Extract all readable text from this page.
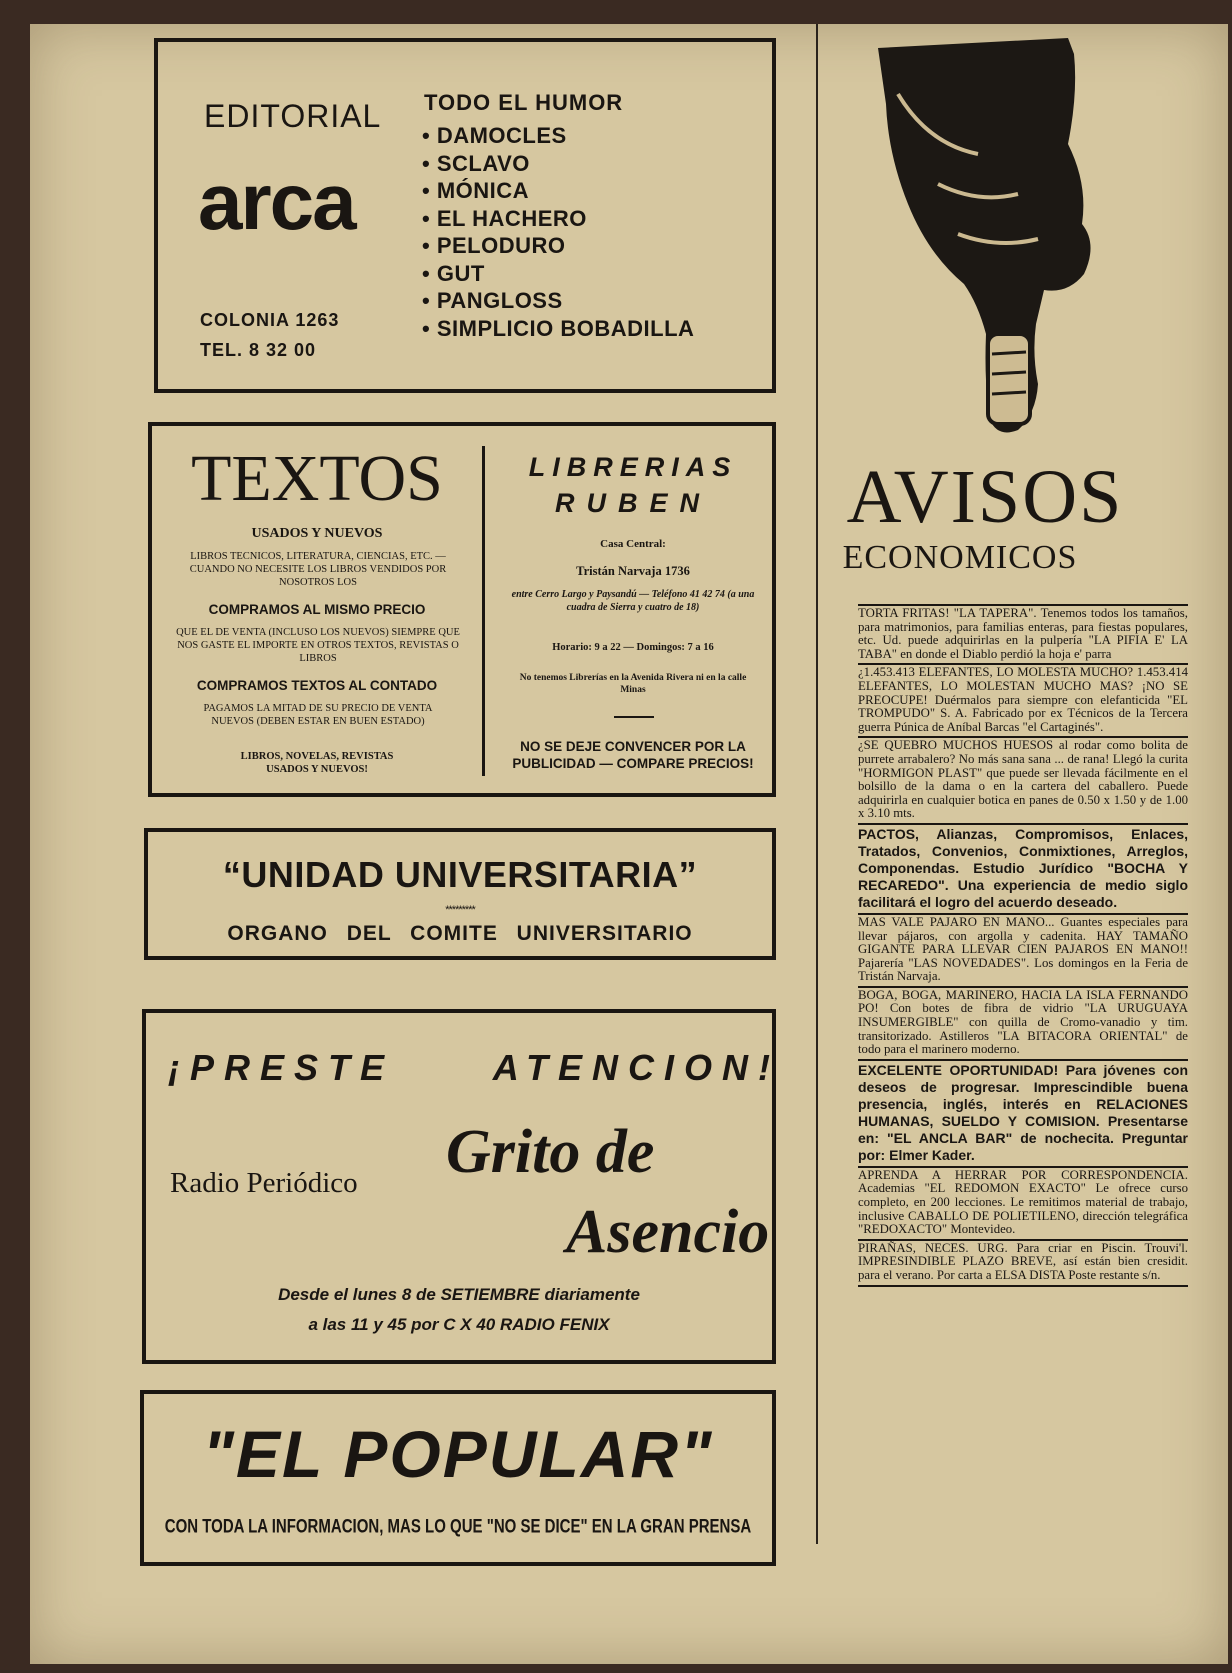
EDITORIAL
arca
COLONIA 1263
TEL. 8 32 00
TODO EL HUMOR
• DAMOCLES
• SCLAVO
• MÓNICA
• EL HACHERO
• PELODURO
• GUT
• PANGLOSS
• SIMPLICIO BOBADILLA
TEXTOS
USADOS Y NUEVOS
LIBROS TECNICOS, LITERATURA, CIENCIAS, ETC. — CUANDO NO NECESITE LOS LIBROS VENDIDOS POR NOSOTROS LOS
COMPRAMOS AL MISMO PRECIO
QUE EL DE VENTA (INCLUSO LOS NUEVOS) SIEMPRE QUE NOS GASTE EL IMPORTE EN OTROS TEXTOS, REVISTAS O LIBROS
COMPRAMOS TEXTOS AL CONTADO
PAGAMOS LA MITAD DE SU PRECIO DE VENTA NUEVOS (DEBEN ESTAR EN BUEN ESTADO)
LIBROS, NOVELAS, REVISTAS USADOS Y NUEVOS!
LIBRERIAS
RUBEN
Casa Central:
Tristán Narvaja 1736
entre Cerro Largo y Paysandú — Teléfono 41 42 74 (a una cuadra de Sierra y cuatro de 18)
Horario: 9 a 22 — Domingos: 7 a 16
No tenemos Librerías en la Avenida Rivera ni en la calle Minas
NO SE DEJE CONVENCER POR LA PUBLICIDAD — COMPARE PRECIOS!
“UNIDAD UNIVERSITARIA”
*********
ORGANO DEL COMITE UNIVERSITARIO
¡PRESTE  ATENCION!
Radio Periódico Grito de
Asencio
Desde el lunes 8 de SETIEMBRE diariamente
a las 11 y 45 por C X 40 RADIO FENIX
"EL POPULAR"
CON TODA LA INFORMACION, MAS LO QUE "NO SE DICE" EN LA GRAN PRENSA
AVISOS
ECONOMICOS
TORTA FRITAS! "LA TAPERA". Tenemos todos los tamaños, para matrimonios, para familias enteras, para fiestas populares, etc. Ud. puede adquirirlas en la pulpería "LA PIFIA E' LA TABA" en donde el Diablo perdió la hoja e' parra
¿1.453.413 ELEFANTES, LO MOLESTA MUCHO? 1.453.414 ELEFANTES, LO MOLESTAN MUCHO MAS? ¡NO SE PREOCUPE! Duérmalos para siempre con elefanticida "EL TROMPUDO" S. A. Fabricado por ex Técnicos de la Tercera guerra Púnica de Aníbal Barcas "el Cartaginés".
¿SE QUEBRO MUCHOS HUESOS al rodar como bolita de purrete arrabalero? No más sana sana ... de rana! Llegó la curita "HORMIGON PLAST" que puede ser llevada fácilmente en el bolsillo de la dama o en la cartera del caballero. Puede adquirirla en cualquier botica en panes de 0.50 x 1.50 y de 1.00 x 3.10 mts.
PACTOS, Alianzas, Compromisos, Enlaces, Tratados, Convenios, Conmixtiones, Arreglos, Componendas. Estudio Jurídico "BOCHA Y RECAREDO". Una experiencia de medio siglo facilitará el logro del acuerdo deseado.
MAS VALE PAJARO EN MANO... Guantes especiales para llevar pájaros, con argolla y cadenita. HAY TAMAÑO GIGANTE PARA LLEVAR CIEN PAJAROS EN MANO!! Pajarería "LAS NOVEDADES". Los domingos en la Feria de Tristán Narvaja.
BOGA, BOGA, MARINERO, HACIA LA ISLA FERNANDO PO! Con botes de fibra de vidrio "LA URUGUAYA INSUMERGIBLE" con quilla de Cromo-vanadio y tim. transitorizado. Astilleros "LA BITACORA ORIENTAL" de todo para el marinero moderno.
EXCELENTE OPORTUNIDAD! Para jóvenes con deseos de progresar. Imprescindible buena presencia, inglés, interés en RELACIONES HUMANAS, SUELDO Y COMISION. Presentarse en: "EL ANCLA BAR" de nochecita. Preguntar por: Elmer Kader.
APRENDA A HERRAR POR CORRESPONDENCIA. Academias "EL REDOMON EXACTO" Le ofrece curso completo, en 200 lecciones. Le remitimos material de trabajo, inclusive CABALLO DE POLIETILENO, dirección telegráfica "REDOXACTO" Montevideo.
PIRAÑAS, NECES. URG. Para criar en Piscin. Trouvi'l. IMPRESINDIBLE PLAZO BREVE, así están bien cresidit. para el verano. Por carta a ELSA DISTA Poste restante s/n.
